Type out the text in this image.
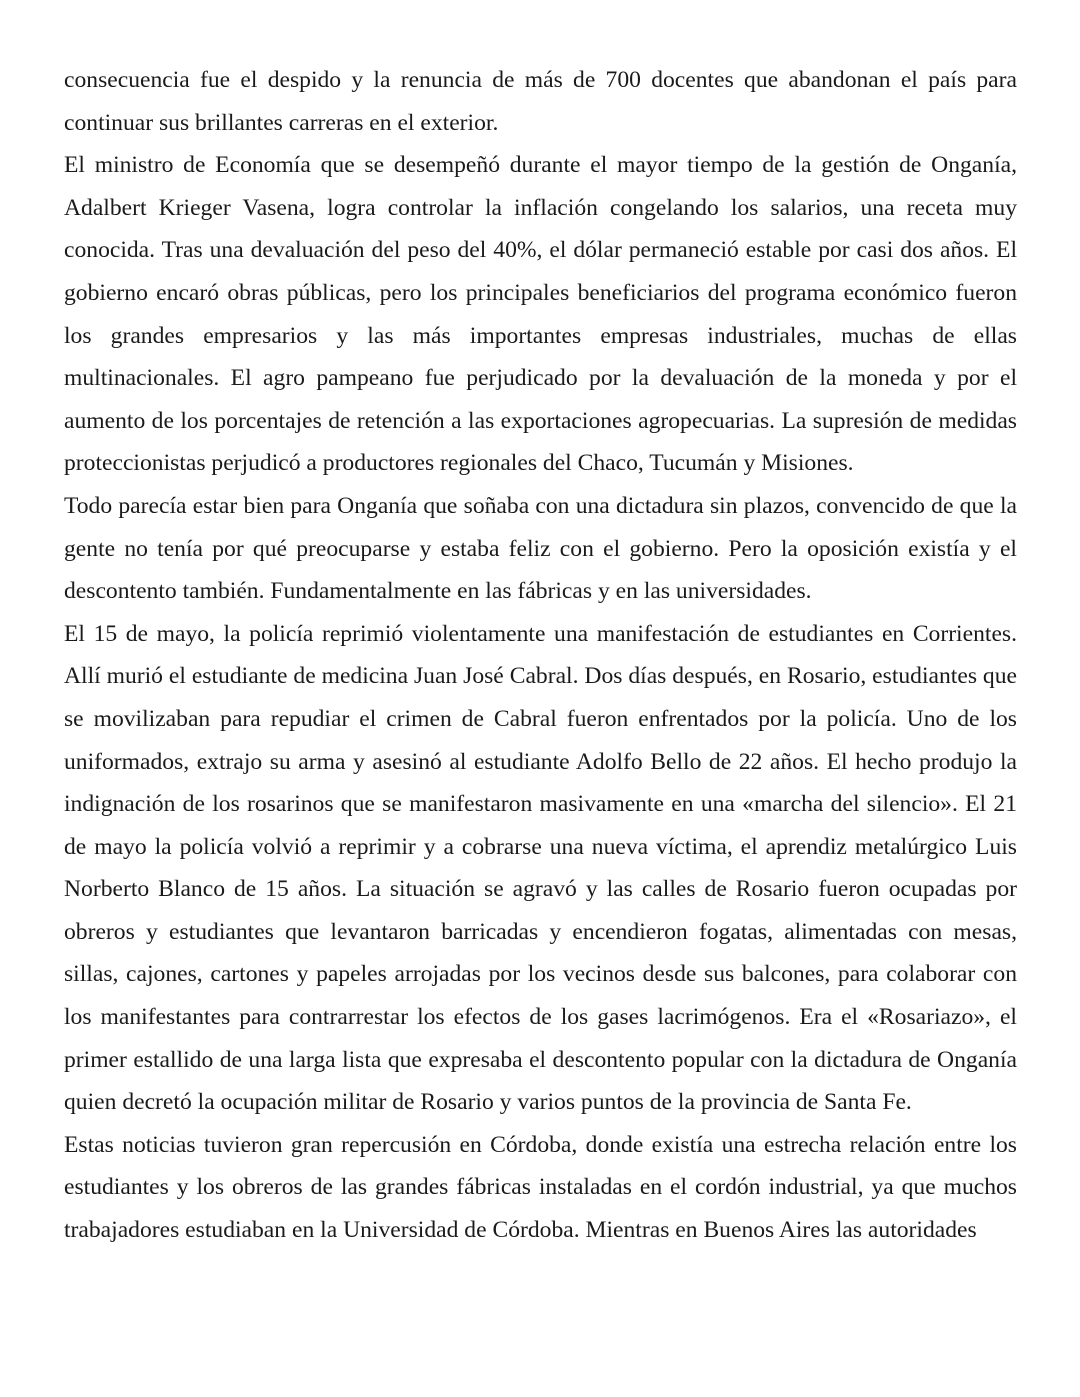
consecuencia fue el despido y la renuncia de más de 700 docentes que abandonan el país para continuar sus brillantes carreras en el exterior.

El ministro de Economía que se desempeñó durante el mayor tiempo de la gestión de Onganía, Adalbert Krieger Vasena, logra controlar la inflación congelando los salarios, una receta muy conocida. Tras una devaluación del peso del 40%, el dólar permaneció estable por casi dos años. El gobierno encaró obras públicas, pero los principales beneficiarios del programa económico fueron los grandes empresarios y las más importantes empresas industriales, muchas de ellas multinacionales. El agro pampeano fue perjudicado por la devaluación de la moneda y por el aumento de los porcentajes de retención a las exportaciones agropecuarias. La supresión de medidas proteccionistas perjudicó a productores regionales del Chaco, Tucumán y Misiones.

Todo parecía estar bien para Onganía que soñaba con una dictadura sin plazos, convencido de que la gente no tenía por qué preocuparse y estaba feliz con el gobierno. Pero la oposición existía y el descontento también. Fundamentalmente en las fábricas y en las universidades.

El 15 de mayo, la policía reprimió violentamente una manifestación de estudiantes en Corrientes. Allí murió el estudiante de medicina Juan José Cabral. Dos días después, en Rosario, estudiantes que se movilizaban para repudiar el crimen de Cabral fueron enfrentados por la policía. Uno de los uniformados, extrajo su arma y asesinó al estudiante Adolfo Bello de 22 años. El hecho produjo la indignación de los rosarinos que se manifestaron masivamente en una «marcha del silencio». El 21 de mayo la policía volvió a reprimir y a cobrarse una nueva víctima, el aprendiz metalúrgico Luis Norberto Blanco de 15 años. La situación se agravó y las calles de Rosario fueron ocupadas por obreros y estudiantes que levantaron barricadas y encendieron fogatas, alimentadas con mesas, sillas, cajones, cartones y papeles arrojadas por los vecinos desde sus balcones, para colaborar con los manifestantes para contrarrestar los efectos de los gases lacrimógenos. Era el «Rosariazo», el primer estallido de una larga lista que expresaba el descontento popular con la dictadura de Onganía quien decretó la ocupación militar de Rosario y varios puntos de la provincia de Santa Fe.

Estas noticias tuvieron gran repercusión en Córdoba, donde existía una estrecha relación entre los estudiantes y los obreros de las grandes fábricas instaladas en el cordón industrial, ya que muchos trabajadores estudiaban en la Universidad de Córdoba. Mientras en Buenos Aires las autoridades
